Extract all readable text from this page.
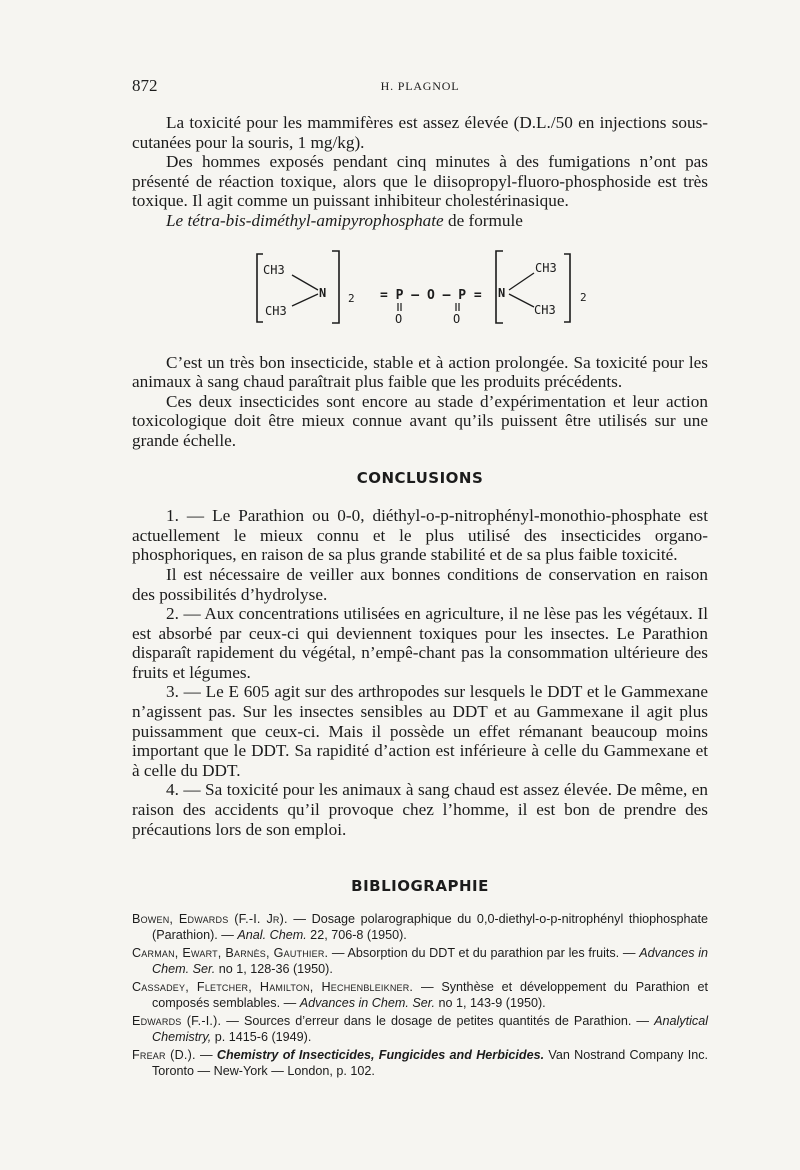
872	H. PLAGNOL

La toxicité pour les mammifères est assez élevée (D.L./50 en injections sous-cutanées pour la souris, 1 mg/kg).

Des hommes exposés pendant cinq minutes à des fumigations n’ont pas présenté de réaction toxique, alors que le diisopropyl-fluoro-phosphoside est très toxique. Il agit comme un puissant inhibiteur cholestérinasique.

Le tétra-bis-diméthyl-amipyrophosphate de formule

CH3
CH3
N 2 = P – O – P =
O	O
N
CH3
CH3
2

C’est un très bon insecticide, stable et à action prolongée. Sa toxicité pour les animaux à sang chaud paraîtrait plus faible que les produits précédents.

Ces deux insecticides sont encore au stade d’expérimentation et leur action toxicologique doit être mieux connue avant qu’ils puissent être utilisés sur une grande échelle.

CONCLUSIONS

1. — Le Parathion ou 0-0, diéthyl-o-p-nitrophényl-monothio-phosphate est actuellement le mieux connu et le plus utilisé des insecticides organo-phosphoriques, en raison de sa plus grande stabilité et de sa plus faible toxicité.

Il est nécessaire de veiller aux bonnes conditions de conservation en raison des possibilités d’hydrolyse.

2. — Aux concentrations utilisées en agriculture, il ne lèse pas les végétaux. Il est absorbé par ceux-ci qui deviennent toxiques pour les insectes. Le Parathion disparaît rapidement du végétal, n’empê-chant pas la consommation ultérieure des fruits et légumes.

3. — Le E 605 agit sur des arthropodes sur lesquels le DDT et le Gammexane n’agissent pas. Sur les insectes sensibles au DDT et au Gammexane il agit plus puissamment que ceux-ci. Mais il possède un effet rémanant beaucoup moins important que le DDT. Sa rapidité d’action est inférieure à celle du Gammexane et à celle du DDT.

4. — Sa toxicité pour les animaux à sang chaud est assez élevée. De même, en raison des accidents qu’il provoque chez l’homme, il est bon de prendre des précautions lors de son emploi.

BIBLIOGRAPHIE

Bowen, Edwards (F.-I. Jr). — Dosage polarographique du 0,0-diethyl-o-p-nitrophényl thiophosphate (Parathion). — Anal. Chem. 22, 706-8 (1950).

Carman, Ewart, Barnès, Gauthier. — Absorption du DDT et du parathion par les fruits. — Advances in Chem. Ser. no 1, 128-36 (1950).

Cassadey, Fletcher, Hamilton, Hechenbleikner. — Synthèse et développement du Parathion et composés semblables. — Advances in Chem. Ser. no 1, 143-9 (1950).

Edwards (F.-I.). — Sources d’erreur dans le dosage de petites quantités de Parathion. — Analytical Chemistry, p. 1415-6 (1949).

Frear (D.). — Chemistry of Insecticides, Fungicides and Herbicides. Van Nostrand Company Inc. Toronto — New-York — London, p. 102.
